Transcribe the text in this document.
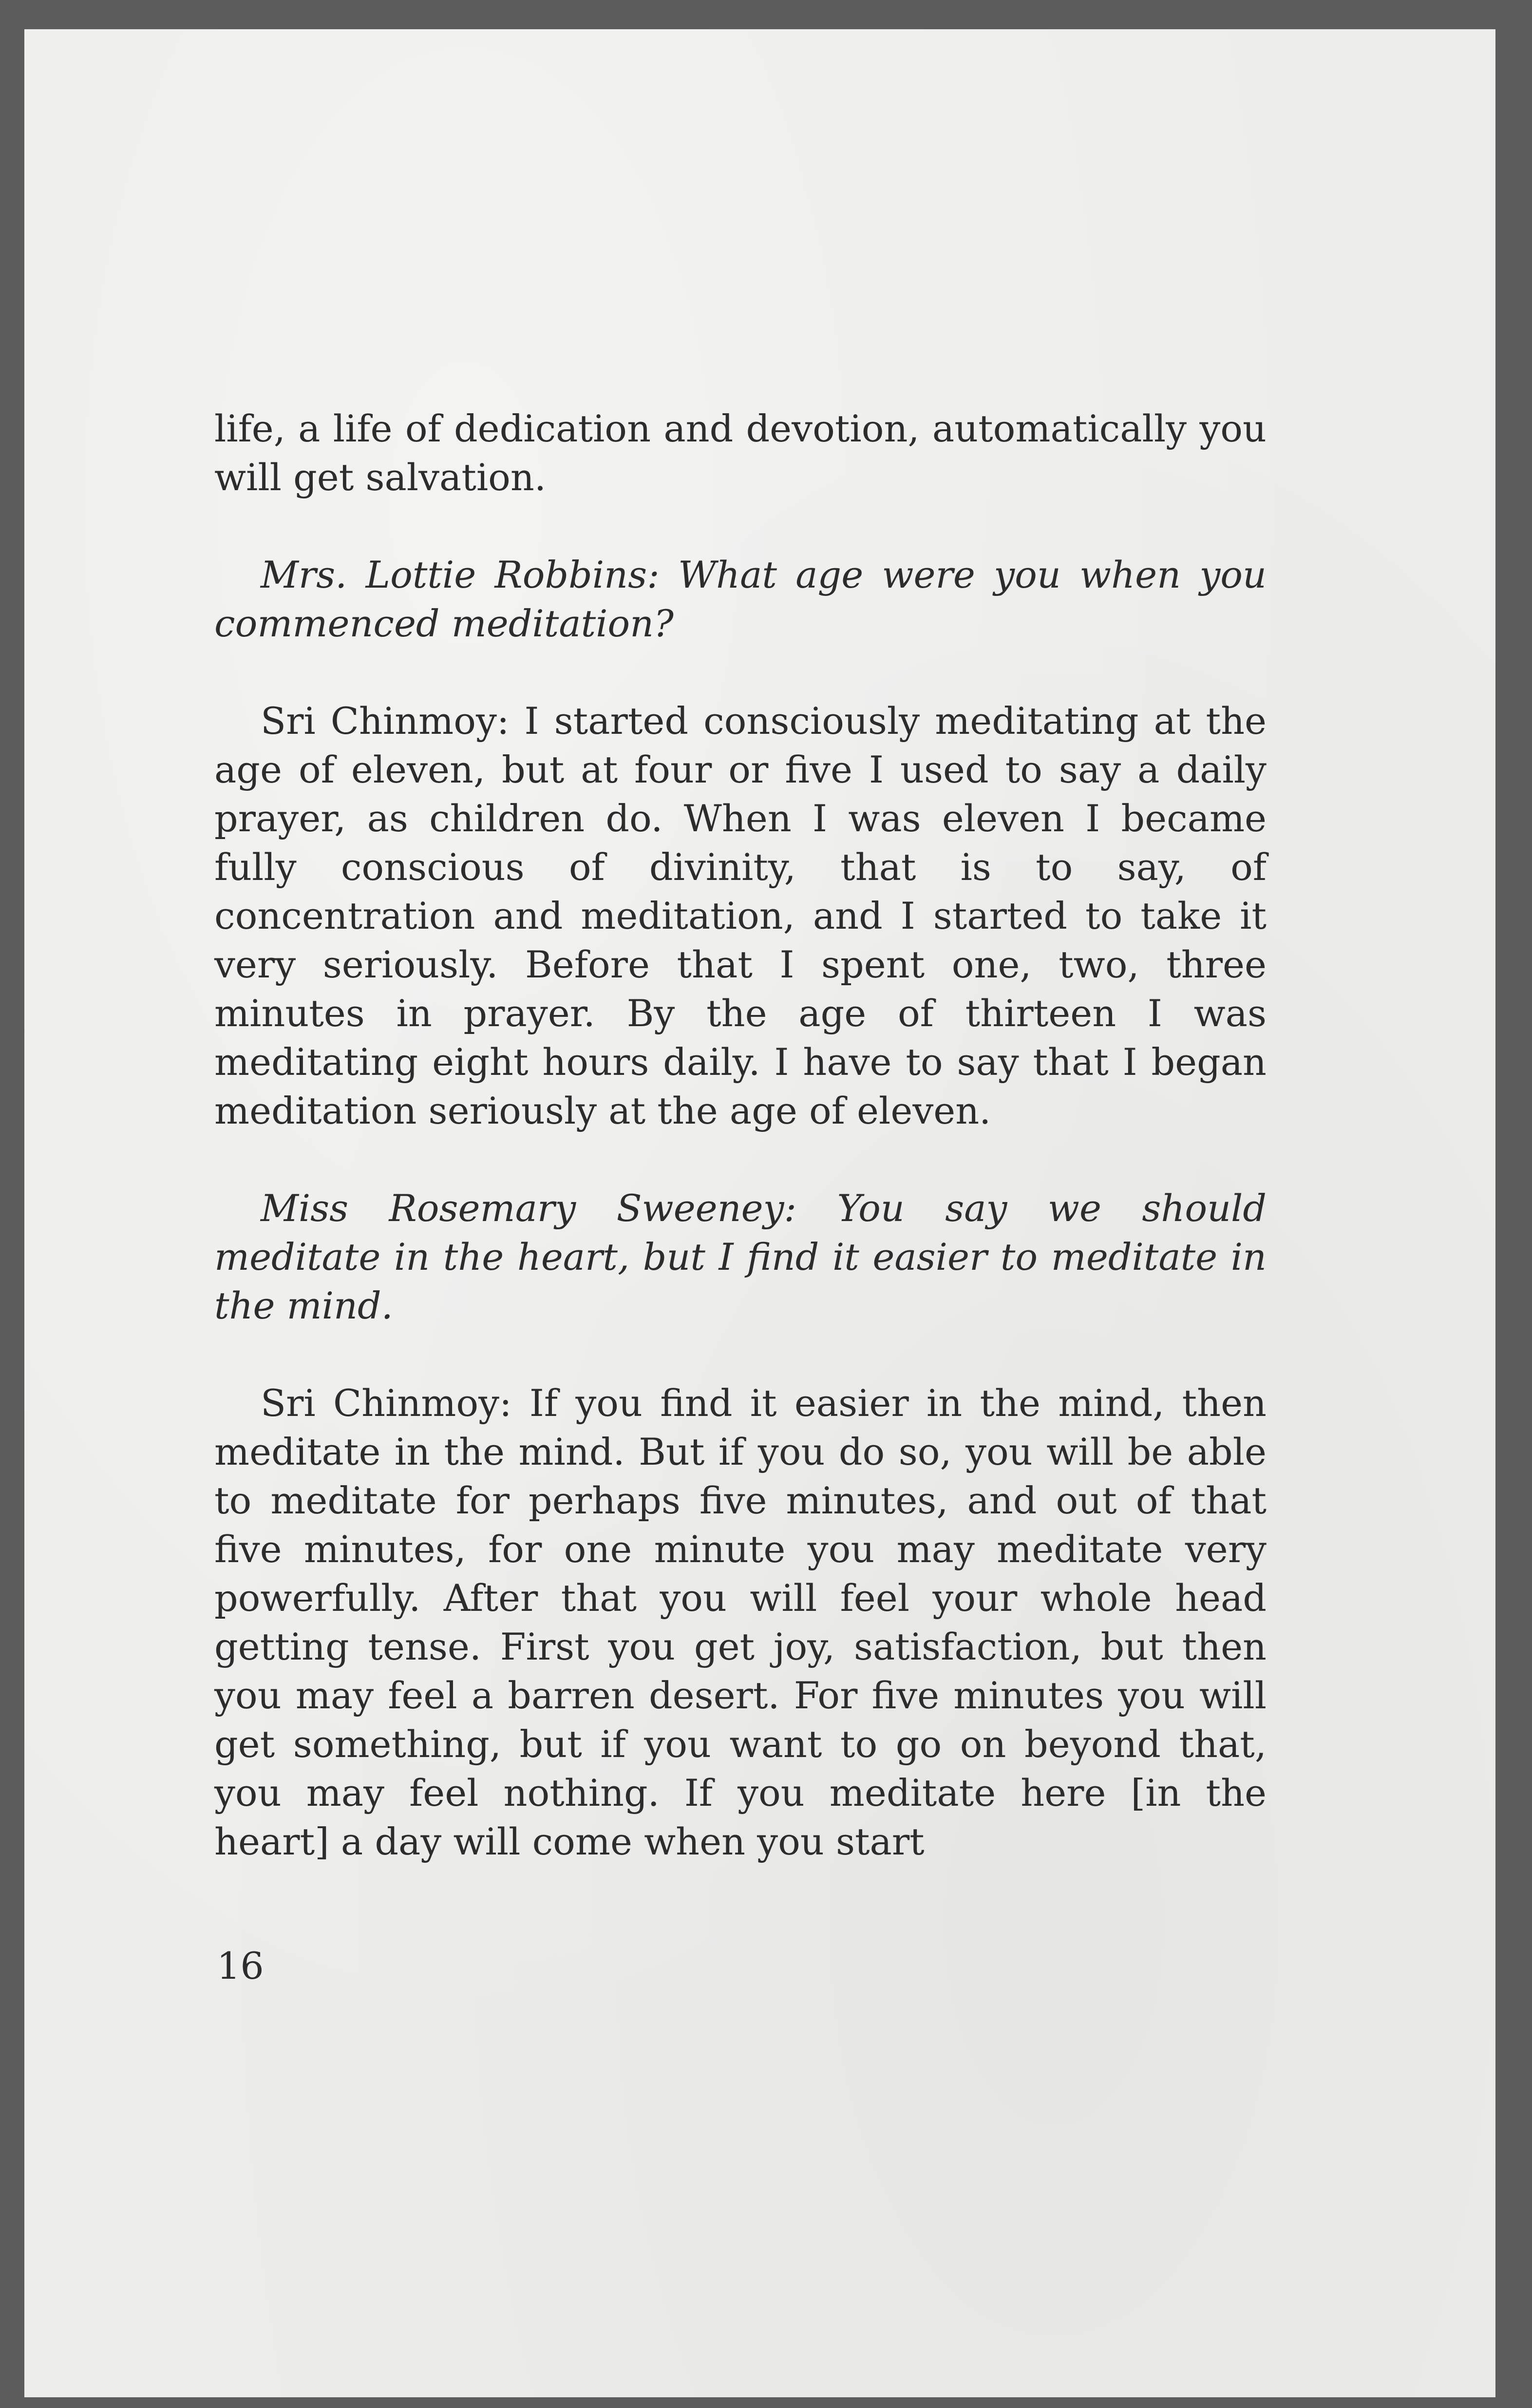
life, a life of dedication and devotion, automatically you will get salvation.

Mrs. Lottie Robbins: What age were you when you commenced meditation?

Sri Chinmoy: I started consciously meditating at the age of eleven, but at four or five I used to say a daily prayer, as children do. When I was eleven I became fully conscious of divinity, that is to say, of concentration and meditation, and I started to take it very seriously. Before that I spent one, two, three minutes in prayer. By the age of thirteen I was meditating eight hours daily. I have to say that I began meditation seriously at the age of eleven.

Miss Rosemary Sweeney: You say we should meditate in the heart, but I find it easier to meditate in the mind.

Sri Chinmoy: If you find it easier in the mind, then meditate in the mind. But if you do so, you will be able to meditate for perhaps five minutes, and out of that five minutes, for one minute you may meditate very powerfully. After that you will feel your whole head getting tense. First you get joy, satisfaction, but then you may feel a barren desert. For five minutes you will get something, but if you want to go on beyond that, you may feel nothing. If you meditate here [in the heart] a day will come when you start

16
